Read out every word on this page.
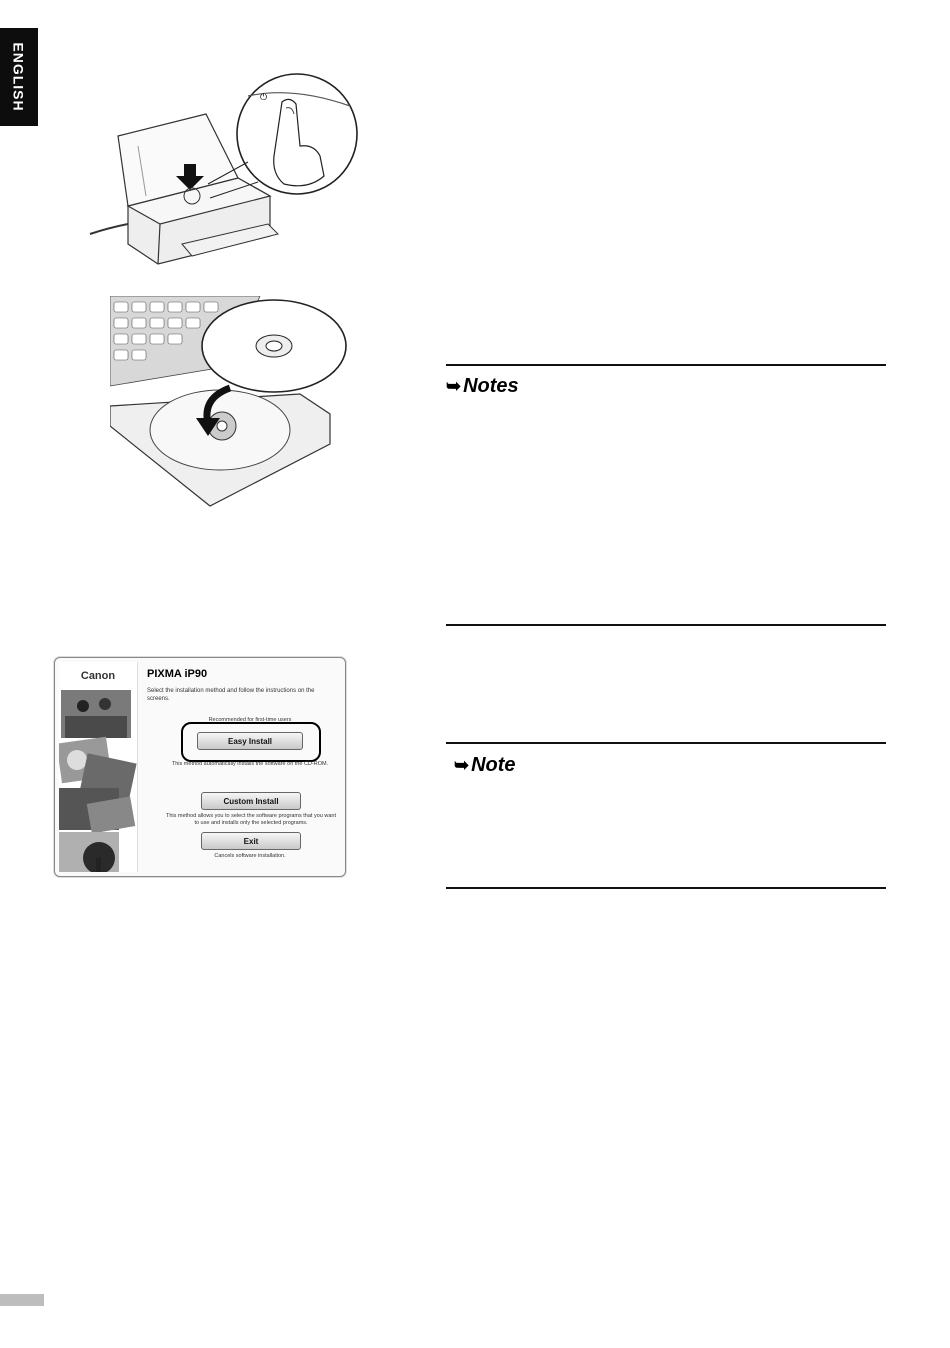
ENGLISH	⏻
➥ Notes
➥ Note
Canon	PIXMA iP90
Select the installation method and follow the instructions on the screens.
Recommended for first-time users
Easy Install
This method automatically installs the software on the CD-ROM.
Custom Install
This method allows you to select the software programs that you want to use and installs only the selected programs.
Exit
Cancels software installation.
